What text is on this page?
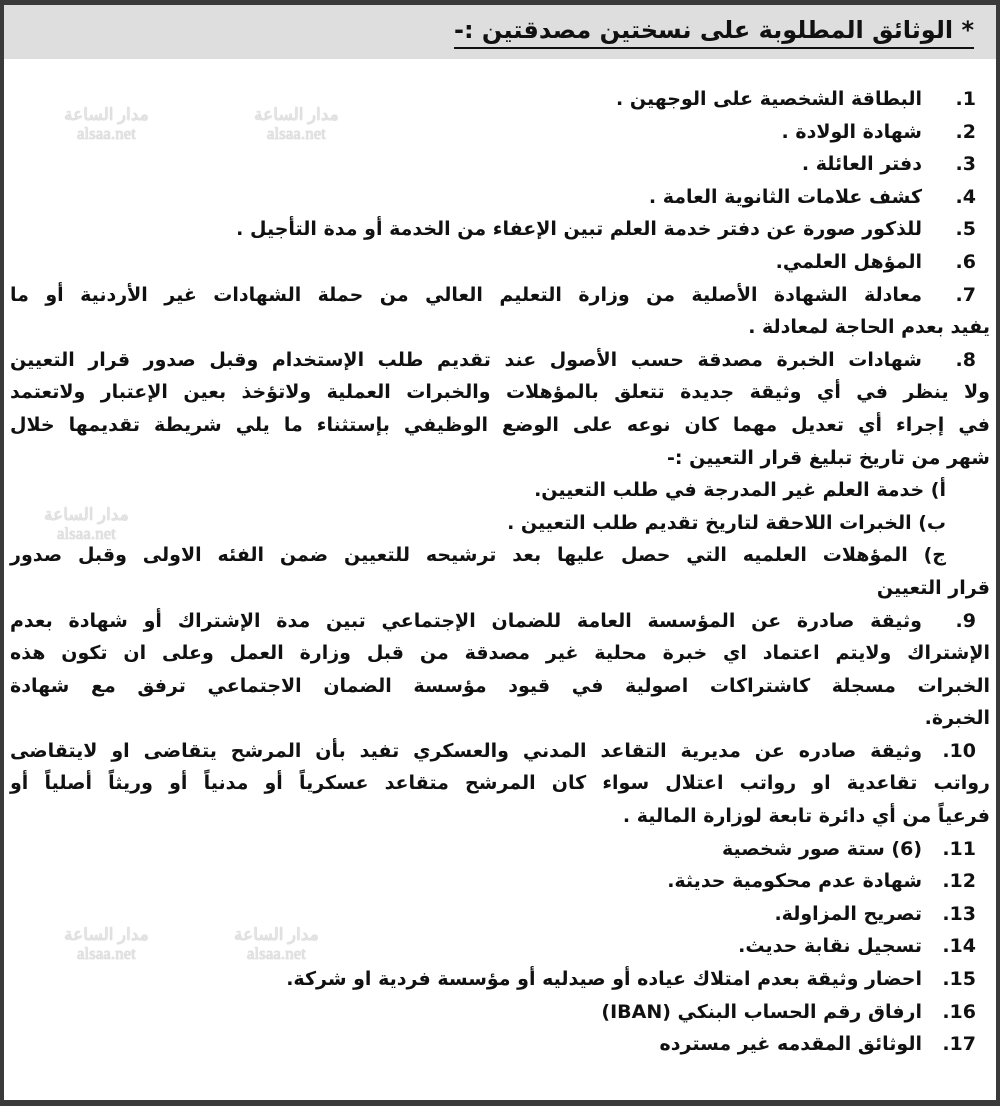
* الوثائق المطلوبة على نسختين مصدقتين :-
1.البطاقة الشخصية على الوجهين .
2.شهادة الولادة .
3.دفتر العائلة .
4.كشف علامات الثانوية العامة .
5.للذكور صورة عن دفتر خدمة العلم تبين الإعفاء من الخدمة أو مدة التأجيل .
6.المؤهل العلمي.
7.معادلة الشهادة الأصلية من وزارة التعليم العالي من حملة الشهادات غير الأردنية أو ما
يفيد بعدم الحاجة لمعادلة .
8.شهادات الخبرة مصدقة حسب الأصول عند تقديم طلب الإستخدام وقبل صدور قرار التعيين
ولا ينظر في أي وثيقة جديدة تتعلق بالمؤهلات والخبرات العملية ولاتؤخذ بعين الإعتبار ولاتعتمد
في إجراء أي تعديل مهما كان نوعه على الوضع الوظيفي بإستثناء ما يلي شريطة تقديمها خلال
شهر من تاريخ تبليغ قرار التعيين :-
أ) خدمة العلم غير المدرجة في طلب التعيين.
ب) الخبرات اللاحقة لتاريخ تقديم طلب التعيين .
ج) المؤهلات العلميه التي حصل عليها بعد ترشيحه للتعيين ضمن الفئه الاولى وقبل صدور
قرار التعيين
9.وثيقة صادرة عن المؤسسة العامة للضمان الإجتماعي تبين مدة الإشتراك أو شهادة بعدم
الإشتراك ولايتم اعتماد اي خبرة محلية غير مصدقة من قبل وزارة العمل وعلى ان تكون هذه
الخبرات مسجلة كاشتراكات اصولية في قيود مؤسسة الضمان الاجتماعي ترفق مع شهادة
الخبرة.
10.وثيقة صادره عن مديرية التقاعد المدني والعسكري تفيد بأن المرشح يتقاضى او لايتقاضى
رواتب تقاعدية او رواتب اعتلال سواء كان المرشح متقاعد عسكرياً أو مدنياً أو وريثاً أصلياً أو
فرعياً من أي دائرة تابعة لوزارة المالية .
11.(6) ستة صور شخصية
12.شهادة عدم محكومية حديثة.
13.تصريح المزاولة.
14.تسجيل نقابة حديث.
15.احضار وثيقة بعدم امتلاك عياده أو صيدليه أو مؤسسة فردية او شركة.
16.ارفاق رقم الحساب البنكي (IBAN)
17.الوثائق المقدمه غير مسترده
مدار الساعة
alsaa.net
مدار الساعة
alsaa.net
مدار الساعة
alsaa.net
مدار الساعة
alsaa.net
مدار الساعة
alsaa.net
